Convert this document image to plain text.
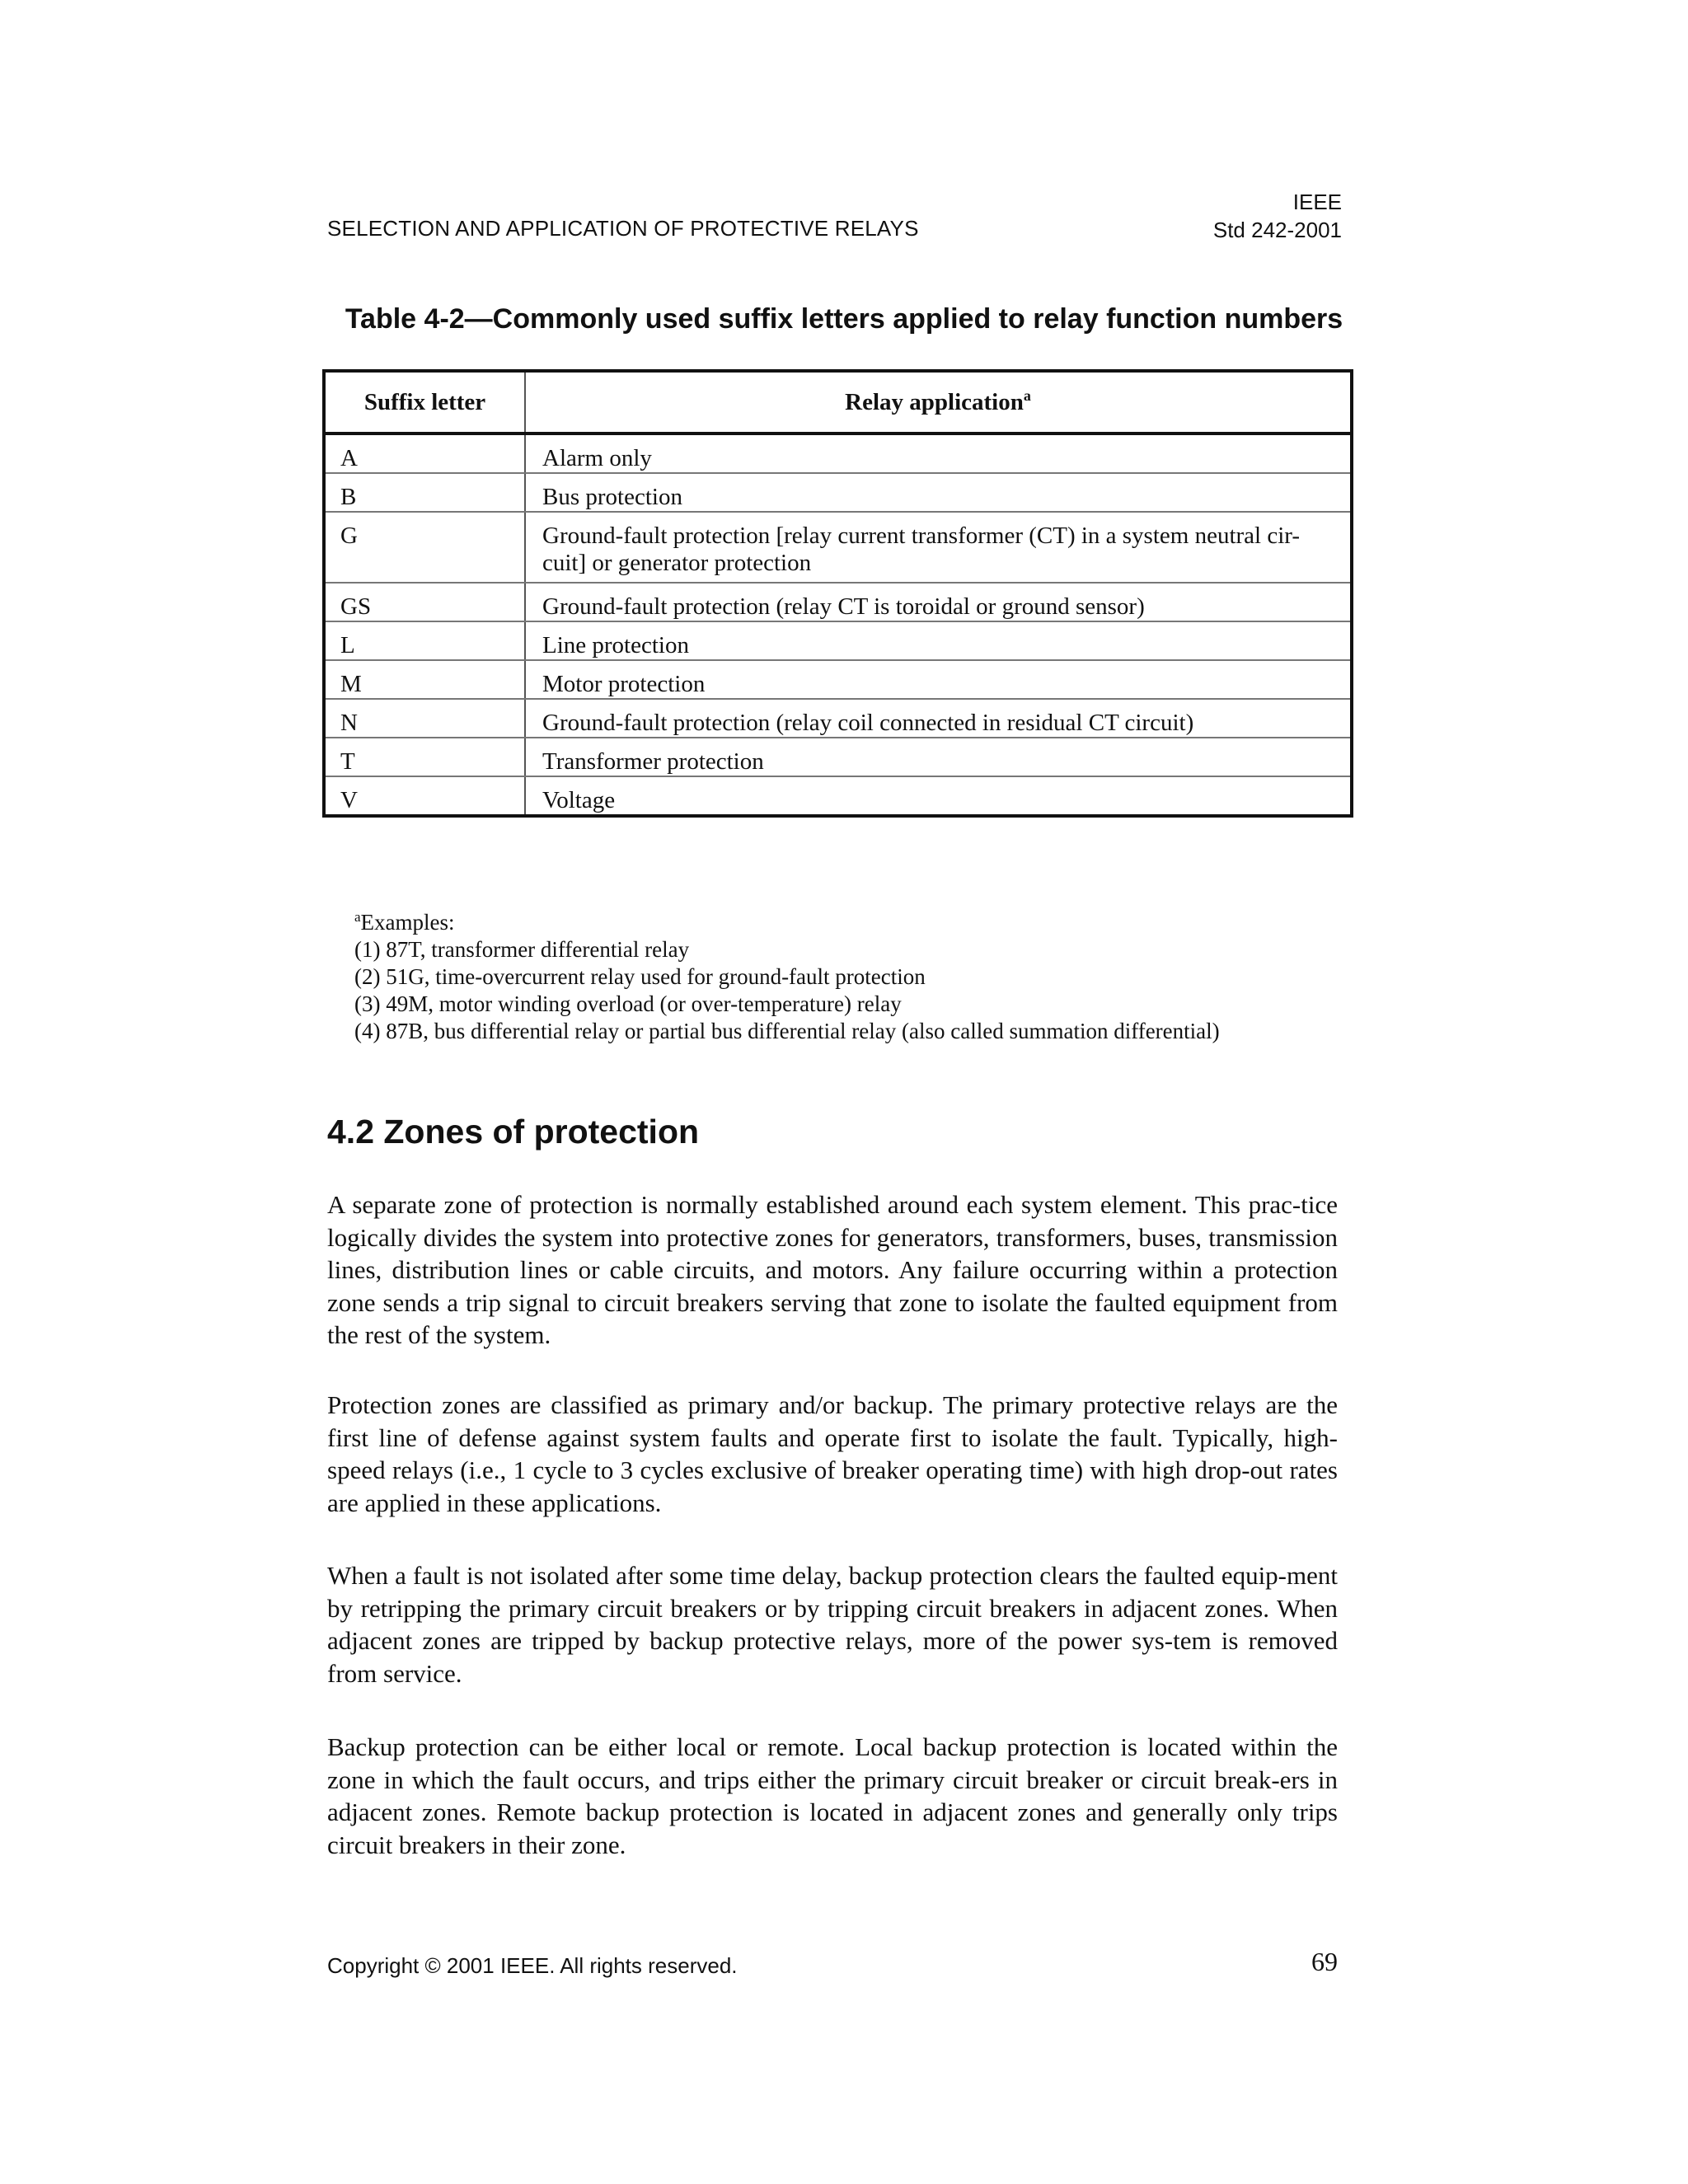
SELECTION AND APPLICATION OF PROTECTIVE RELAYS
IEEE
Std 242-2001
Table 4-2—Commonly used suffix letters applied to relay function numbers
Suffix letter	Relay application$^a$
A	Alarm only
B	Bus protection
G	Ground-fault protection [relay current transformer (CT) in a system neutral cir-cuit] or generator protection
GS	Ground-fault protection (relay CT is toroidal or ground sensor)
L	Line protection
M	Motor protection
N	Ground-fault protection (relay coil connected in residual CT circuit)
T	Transformer protection
V	Voltage
$^a$Examples:
(1) 87T, transformer differential relay
(2) 51G, time-overcurrent relay used for ground-fault protection
(3) 49M, motor winding overload (or over-temperature) relay
(4) 87B, bus differential relay or partial bus differential relay (also called summation differential)
4.2 Zones of protection

A separate zone of protection is normally established around each system element. This prac-tice logically divides the system into protective zones for generators, transformers, buses, transmission lines, distribution lines or cable circuits, and motors. Any failure occurring within a protection zone sends a trip signal to circuit breakers serving that zone to isolate the faulted equipment from the rest of the system.

Protection zones are classified as primary and/or backup. The primary protective relays are the first line of defense against system faults and operate first to isolate the fault. Typically, high-speed relays (i.e., 1 cycle to 3 cycles exclusive of breaker operating time) with high drop-out rates are applied in these applications.

When a fault is not isolated after some time delay, backup protection clears the faulted equip-ment by retripping the primary circuit breakers or by tripping circuit breakers in adjacent zones. When adjacent zones are tripped by backup protective relays, more of the power sys-tem is removed from service.

Backup protection can be either local or remote. Local backup protection is located within the zone in which the fault occurs, and trips either the primary circuit breaker or circuit break-ers in adjacent zones. Remote backup protection is located in adjacent zones and generally only trips circuit breakers in their zone.

Copyright © 2001 IEEE. All rights reserved.	69
